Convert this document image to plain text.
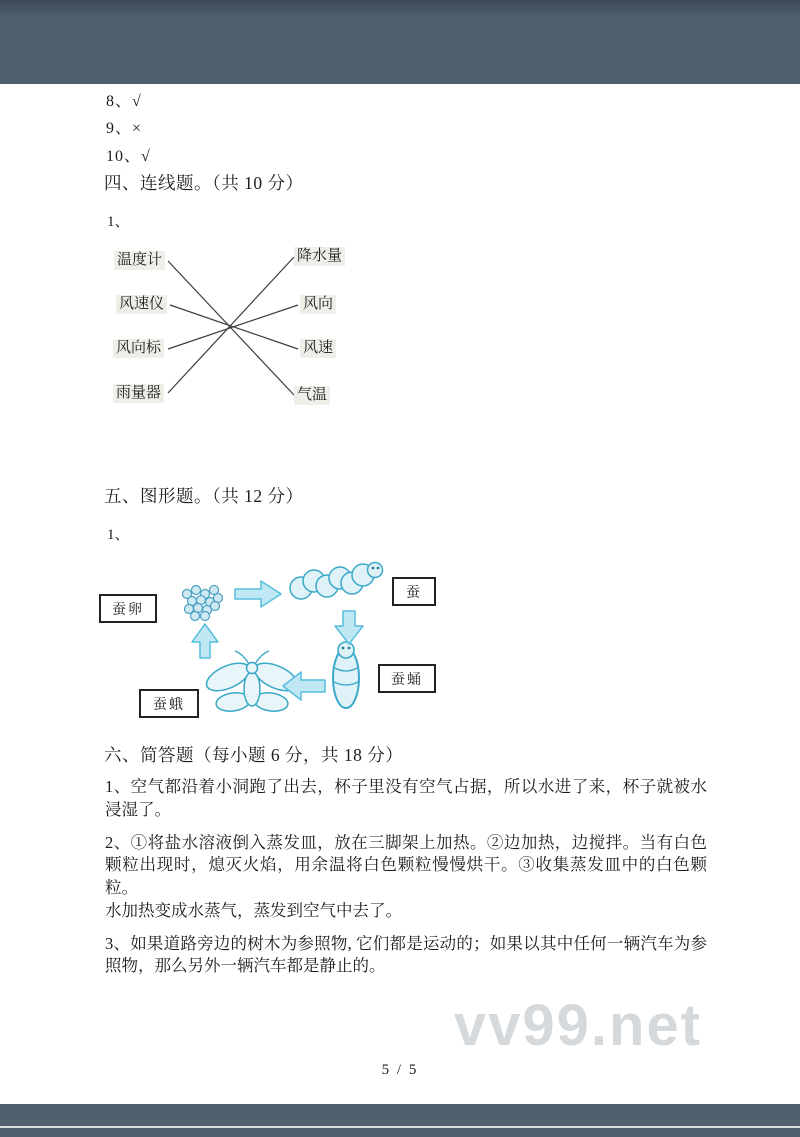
8、√
9、×
10、√
四、连线题。（共 10 分）
1、
温度计
风速仪
风向标
雨量器
降水量
风向
风速
气温
五、图形题。（共 12 分）
1、
蚕卵
蚕
蚕蛹
蚕蛾
六、简答题（每小题 6 分，共 18 分）

1、空气都沿着小洞跑了出去，杯子里没有空气占据，所以水进了来，杯子就被水浸湿了。

2、①将盐水溶液倒入蒸发皿，放在三脚架上加热。②边加热，边搅拌。当有白色颗粒出现时，熄灭火焰，用余温将白色颗粒慢慢烘干。③收集蒸发皿中的白色颗粒。

水加热变成水蒸气，蒸发到空气中去了。

3、如果道路旁边的树木为参照物, 它们都是运动的；如果以其中任何一辆汽车为参照物，那么另外一辆汽车都是静止的。

vv99.net
5 / 5
